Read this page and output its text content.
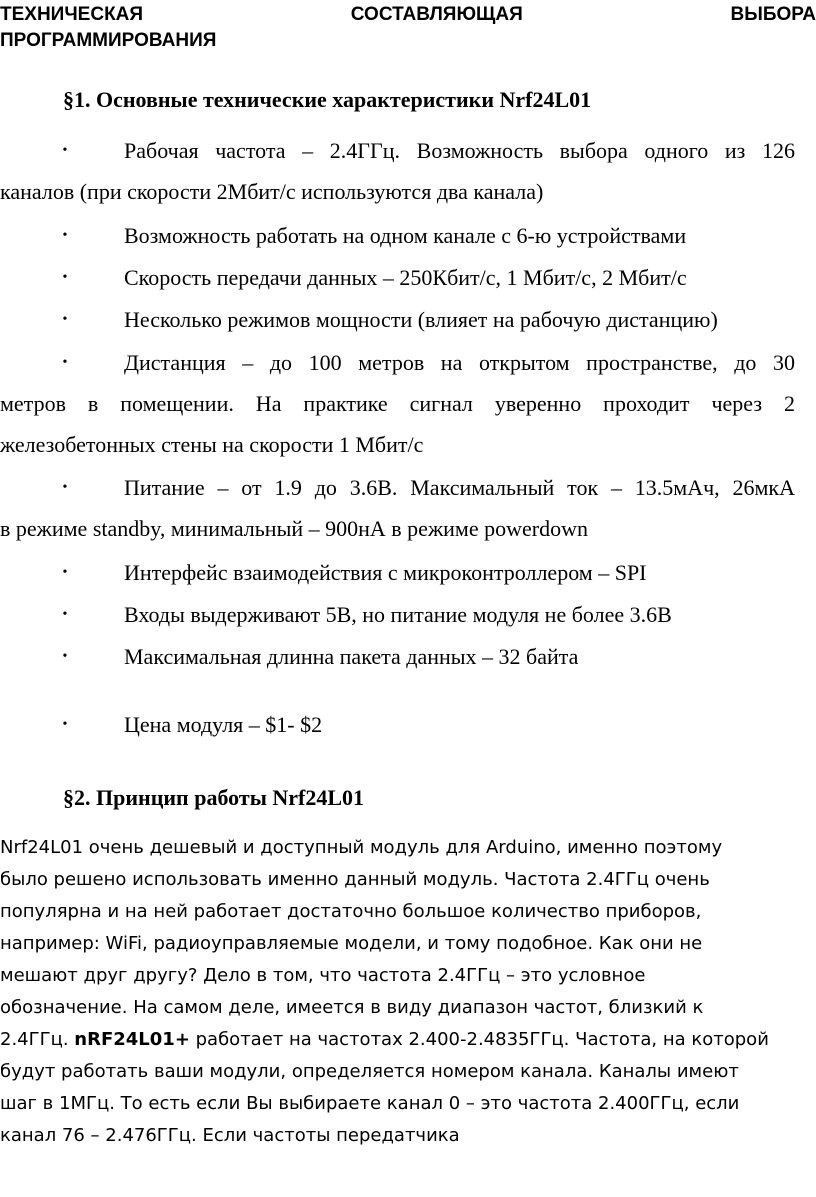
ТЕХНИЧЕСКАЯ	СОСТАВЛЯЮЩАЯ	ВЫБОРА
ПРОГРАММИРОВАНИЯ
§1. Основные технические характеристики Nrf24L01
•	Рабочая частота – 2.4ГГц. Возможность выбора одного из 126
каналов (при скорости 2Мбит/с используются два канала)
•	Возможность работать на одном канале с 6-ю устройствами
•	Скорость передачи данных – 250Кбит/с, 1 Мбит/с, 2 Мбит/с
•	Несколько режимов мощности (влияет на рабочую дистанцию)
•	Дистанция – до 100 метров на открытом пространстве, до 30
метров в помещении. На практике сигнал уверенно проходит через 2
железобетонных стены на скорости 1 Мбит/с
•	Питание – от 1.9 до 3.6В. Максимальный ток – 13.5мАч, 26мкА
в режиме standby, минимальный – 900нА в режиме powerdown
•	Интерфейс взаимодействия с микроконтроллером – SPI
•	Входы выдерживают 5В, но питание модуля не более 3.6В
•	Максимальная длинна пакета данных – 32 байта
•	Цена модуля – $1- $2
§2. Принцип работы Nrf24L01

Nrf24L01 очень дешевый и доступный модуль для Arduino, именно поэтому
было решено использовать именно данный модуль. Частота 2.4ГГц очень
популярна и на ней работает достаточно большое количество приборов,
например: WiFi, радиоуправляемые модели, и тому подобное. Как они не
мешают друг другу? Дело в том, что частота 2.4ГГц – это условное
обозначение. На самом деле, имеется в виду диапазон частот, близкий к
2.4ГГц. nRF24L01+ работает на частотах 2.400-2.4835ГГц. Частота, на которой
будут работать ваши модули, определяется номером канала. Каналы имеют
шаг в 1МГц. То есть если Вы выбираете канал 0 – это частота 2.400ГГц, если
канал 76 – 2.476ГГц. Если частоты передатчика
